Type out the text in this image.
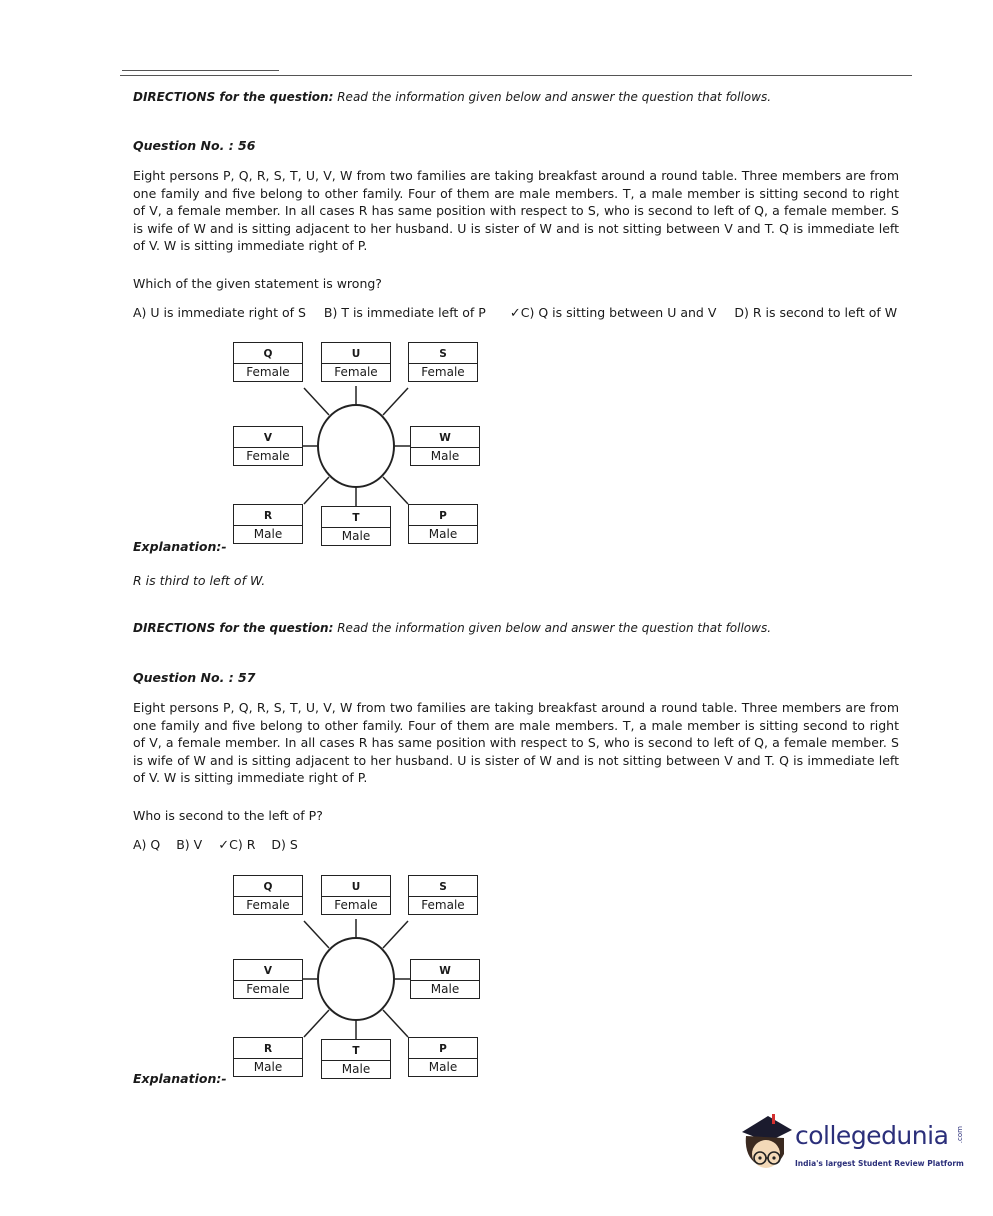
DIRECTIONS for the question: Read the information given below and answer the question that follows.
Question No. : 56
Eight persons P, Q, R, S, T, U, V, W from two families are taking breakfast around a round table. Three members are from one family and five belong to other family. Four of them are male members. T, a male member is sitting second to right of V, a female member. In all cases R has same position with respect to S, who is second to left of Q, a female member. S is wife of W and is sitting adjacent to her husband. U is sister of W and is not sitting between V and T. Q is immediate left of V. W is sitting immediate right of P.
Which of the given statement is wrong?
A) U is immediate right of S B) T is immediate left of P ✓C) Q is sitting between U and V D) R is second to left of W
Q
Female
U
Female
S
Female
V
Female
W
Male
R
Male
T
Male
P
Male
Explanation:-
R is third to left of W.
DIRECTIONS for the question: Read the information given below and answer the question that follows.
Question No. : 57
Eight persons P, Q, R, S, T, U, V, W from two families are taking breakfast around a round table. Three members are from one family and five belong to other family. Four of them are male members. T, a male member is sitting second to right of V, a female member. In all cases R has same position with respect to S, who is second to left of Q, a female member. S is wife of W and is sitting adjacent to her husband. U is sister of W and is not sitting between V and T. Q is immediate left of V. W is sitting immediate right of P.
Who is second to the left of P?
A) Q B) V ✓C) R D) S
Q
Female
U
Female
S
Female
V
Female
W
Male
R
Male
T
Male
P
Male
Explanation:-
collegedunia .com
India's largest Student Review Platform
